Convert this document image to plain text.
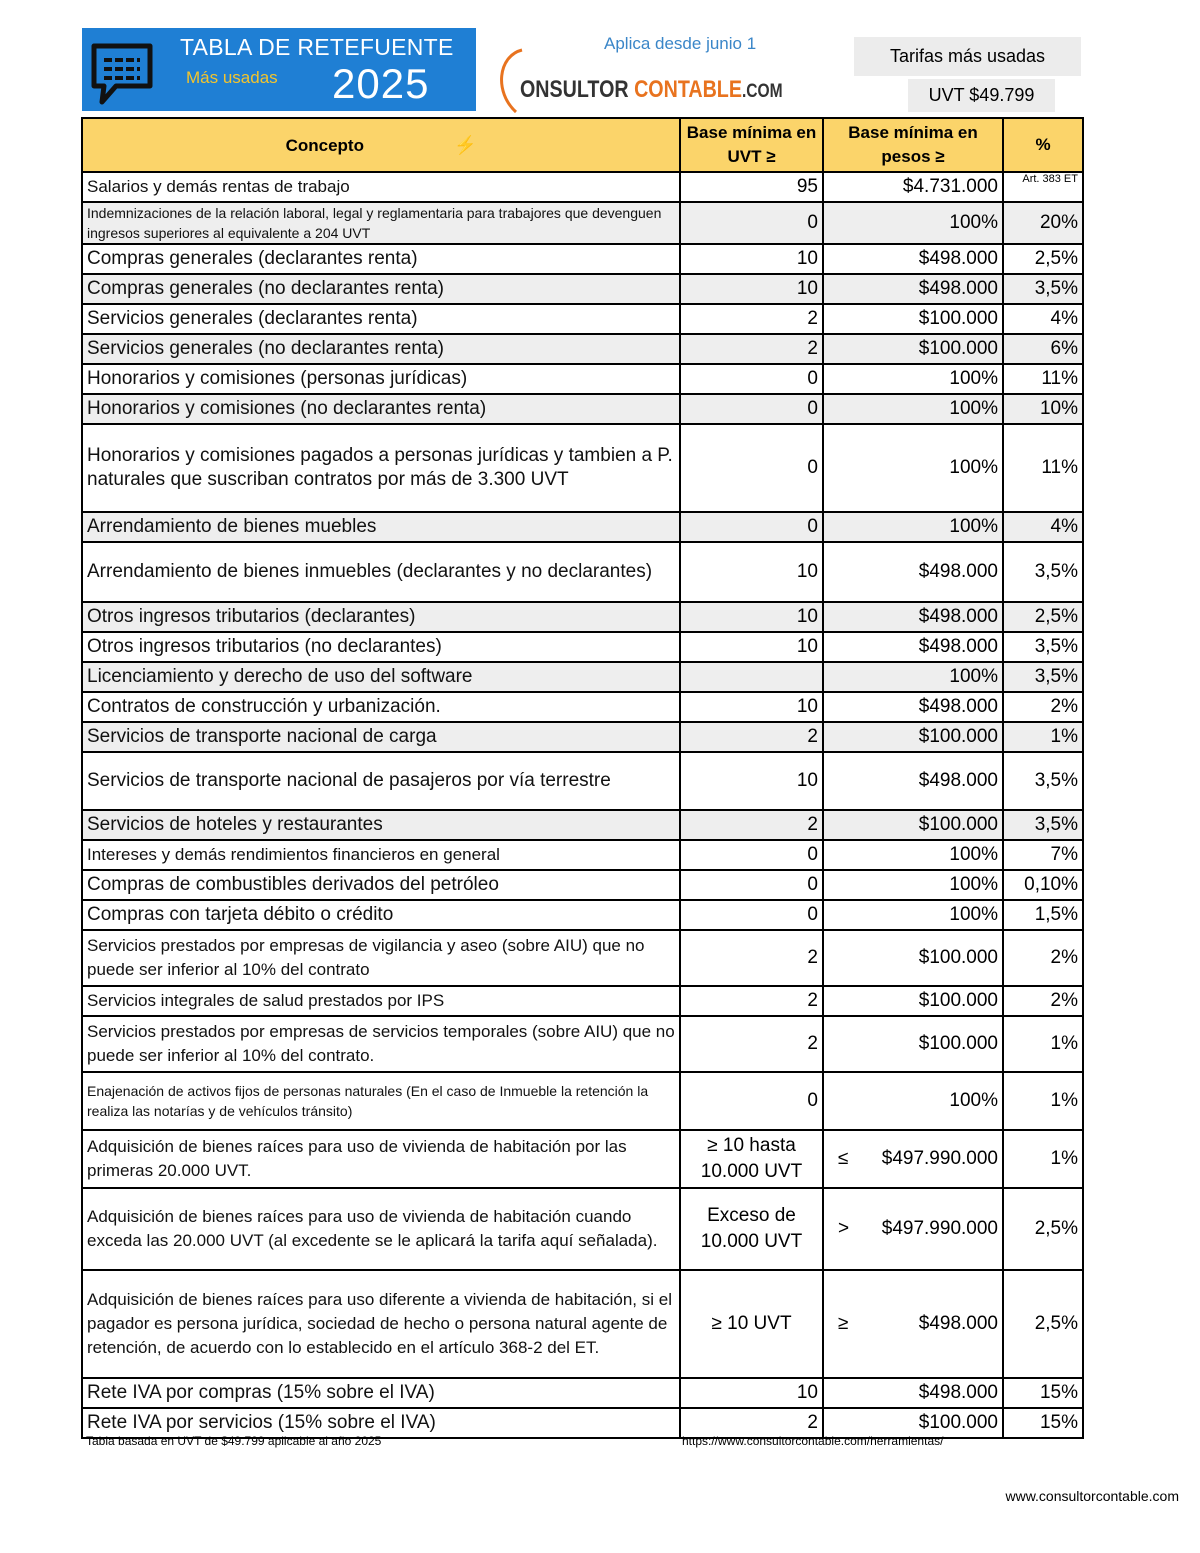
TABLA DE RETEFUENTE
Más usadas 2025
Aplica desde junio 1
ONSULTOR CONTABLE.COM
Tarifas más usadas
UVT $49.799
Concepto ⚡	Base mínima en UVT ≥	Base mínima en pesos ≥	%
Salarios y demás rentas de trabajo	95	$4.731.000	Art. 383 ET
Indemnizaciones de la relación laboral, legal y reglamentaria para trabajores que devenguen ingresos superiores al equivalente a 204 UVT	0	100%	20%
Compras generales (declarantes renta)	10	$498.000	2,5%
Compras generales (no declarantes renta)	10	$498.000	3,5%
Servicios generales (declarantes renta)	2	$100.000	4%
Servicios generales (no declarantes renta)	2	$100.000	6%
Honorarios y comisiones (personas jurídicas)	0	100%	11%
Honorarios y comisiones (no declarantes renta)	0	100%	10%
Honorarios y comisiones pagados a personas jurídicas y tambien a P. naturales que suscriban contratos por más de 3.300 UVT	0	100%	11%
Arrendamiento de bienes muebles	0	100%	4%
Arrendamiento de bienes inmuebles (declarantes y no declarantes)	10	$498.000	3,5%
Otros ingresos tributarios (declarantes)	10	$498.000	2,5%
Otros ingresos tributarios (no declarantes)	10	$498.000	3,5%
Licenciamiento y derecho de uso del software		100%	3,5%
Contratos de construcción y urbanización.	10	$498.000	2%
Servicios de transporte nacional de carga	2	$100.000	1%
Servicios de transporte nacional de pasajeros por vía terrestre	10	$498.000	3,5%
Servicios de hoteles y restaurantes	2	$100.000	3,5%
Intereses y demás rendimientos financieros en general	0	100%	7%
Compras de combustibles derivados del petróleo	0	100%	0,10%
Compras con tarjeta débito o crédito	0	100%	1,5%
Servicios prestados por empresas de vigilancia y aseo (sobre AIU) que no puede ser inferior al 10% del contrato	2	$100.000	2%
Servicios integrales de salud prestados por IPS	2	$100.000	2%
Servicios prestados por empresas de servicios temporales (sobre AIU) que no puede ser inferior al 10% del contrato.	2	$100.000	1%
Enajenación de activos fijos de personas naturales (En el caso de Inmueble la retención la realiza las notarías y de vehículos tránsito)	0	100%	1%
Adquisición de bienes raíces para uso de vivienda de habitación por las primeras 20.000 UVT.	≥ 10 hasta 10.000 UVT	≤ $497.990.000	1%
Adquisición de bienes raíces para uso de vivienda de habitación cuando exceda las 20.000 UVT (al excedente se le aplicará la tarifa aquí señalada).	Exceso de 10.000 UVT	> $497.990.000	2,5%
Adquisición de bienes raíces para uso diferente a vivienda de habitación, si el pagador es persona jurídica, sociedad de hecho o persona natural agente de retención, de acuerdo con lo establecido en el artículo 368-2 del ET.	≥ 10 UVT	≥ $498.000	2,5%
Rete IVA por compras (15% sobre el IVA)	10	$498.000	15%
Rete IVA por servicios (15% sobre el IVA)	2	$100.000	15%
Tabla basada en UVT de $49.799 aplicable al año 2025	https://www.consultorcontable.com/herramientas/
www.consultorcontable.com
